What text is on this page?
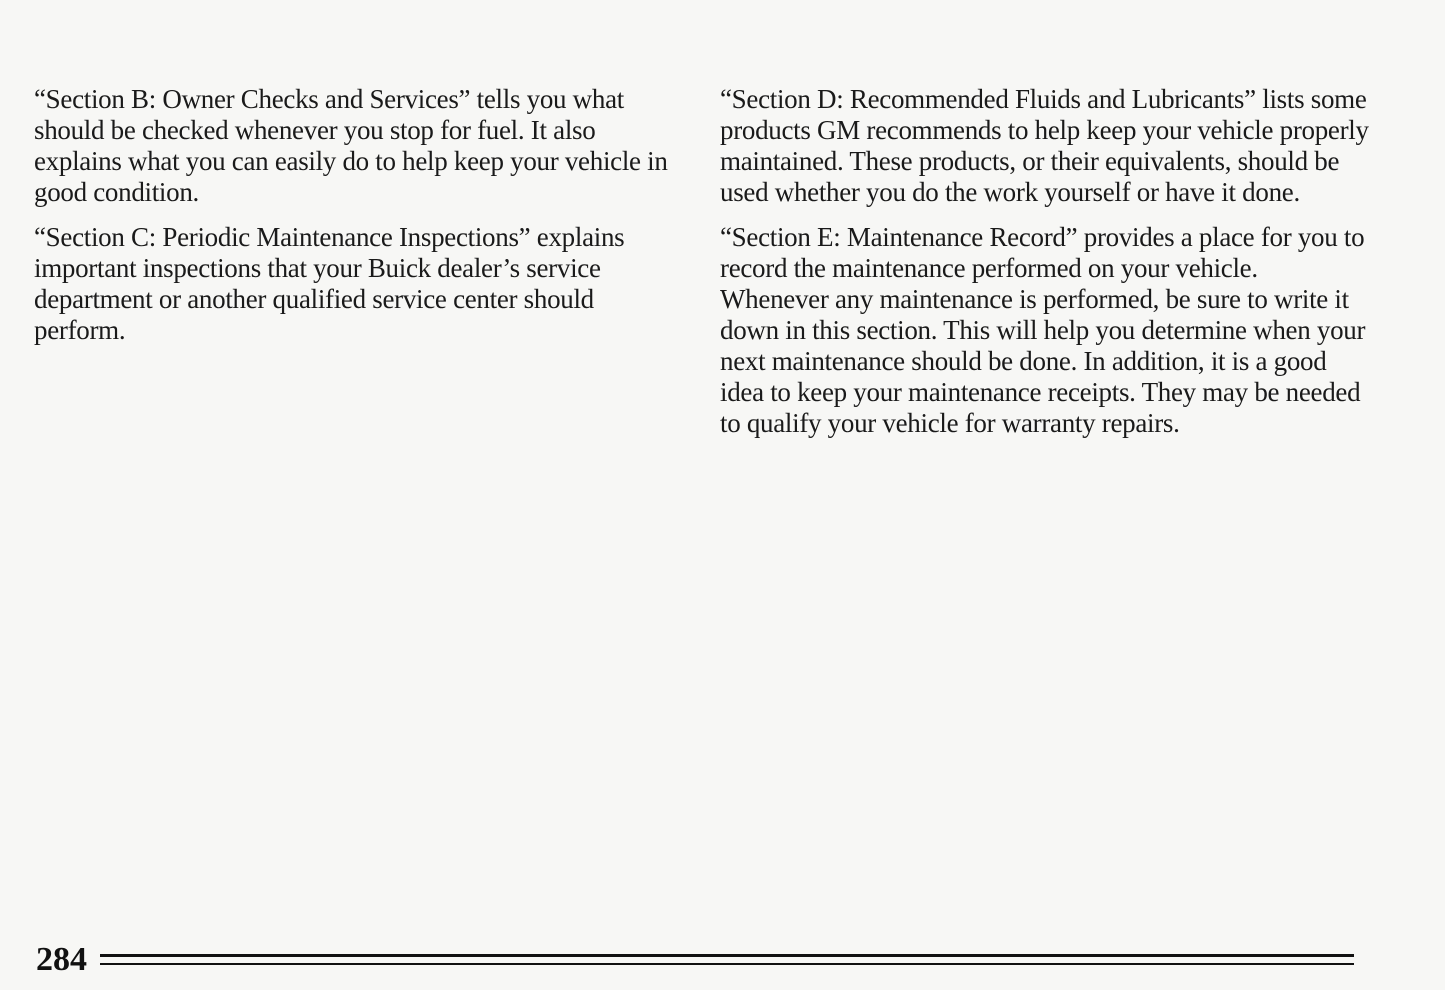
“Section B: Owner Checks and Services” tells you what should be checked whenever you stop for fuel. It also explains what you can easily do to help keep your vehicle in good condition.

“Section C: Periodic Maintenance Inspections” explains important inspections that your Buick dealer’s service department or another qualified service center should perform.

“Section D: Recommended Fluids and Lubricants” lists some products GM recommends to help keep your vehicle properly maintained. These products, or their equivalents, should be used whether you do the work yourself or have it done.

“Section E: Maintenance Record” provides a place for you to record the maintenance performed on your vehicle. Whenever any maintenance is performed, be sure to write it down in this section. This will help you determine when your next maintenance should be done. In addition, it is a good idea to keep your maintenance receipts. They may be needed to qualify your vehicle for warranty repairs.

284
